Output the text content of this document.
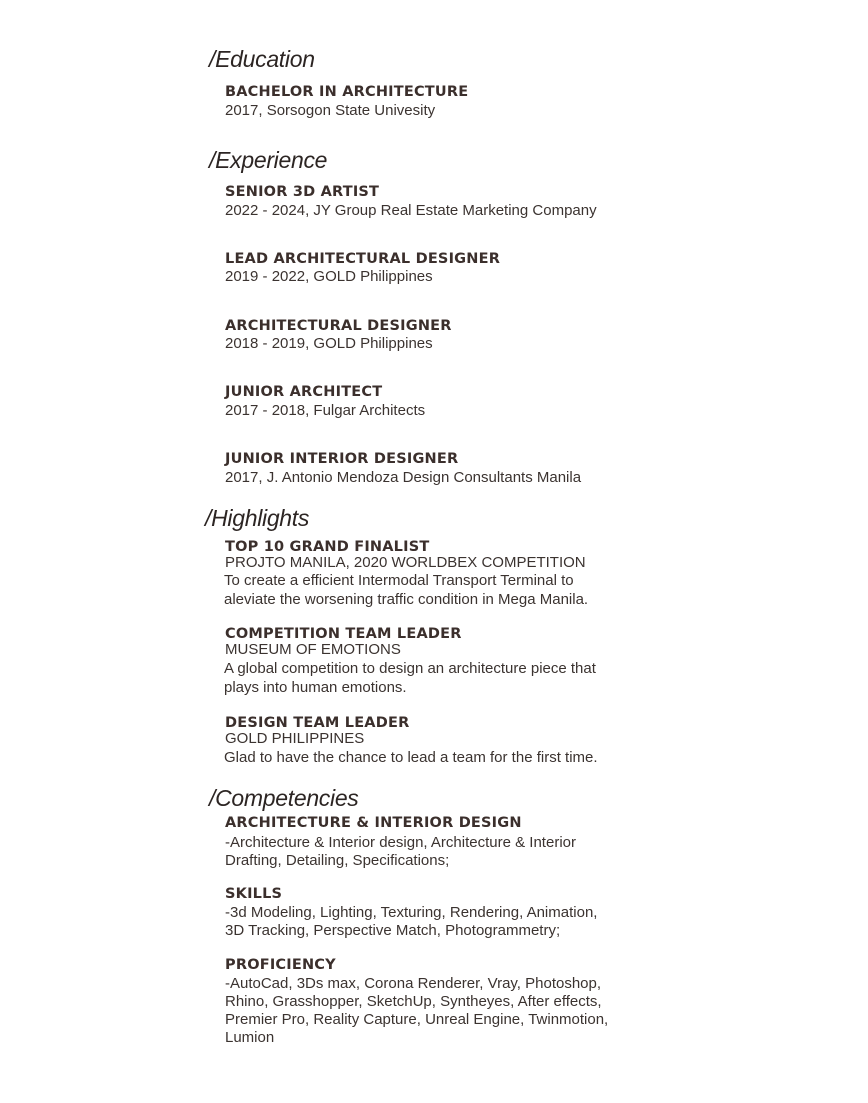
/Education
BACHELOR IN ARCHITECTURE
2017, Sorsogon State Univesity
/Experience
SENIOR 3D ARTIST
2022 - 2024, JY Group Real Estate Marketing Company
LEAD ARCHITECTURAL DESIGNER
2019 - 2022, GOLD Philippines
ARCHITECTURAL DESIGNER
2018 - 2019, GOLD Philippines
JUNIOR ARCHITECT
2017 - 2018, Fulgar Architects
JUNIOR INTERIOR DESIGNER
2017, J. Antonio Mendoza Design Consultants Manila
/Highlights
TOP 10 GRAND FINALIST
PROJTO MANILA, 2020 WORLDBEX COMPETITION
To create a efficient Intermodal Transport Terminal to
aleviate the worsening traffic condition in Mega Manila.
COMPETITION TEAM LEADER
MUSEUM OF EMOTIONS
A global competition to design an architecture piece that
plays into human emotions.
DESIGN TEAM LEADER
GOLD PHILIPPINES
Glad to have the chance to lead a team for the first time.
/Competencies
ARCHITECTURE & INTERIOR DESIGN
-Architecture & Interior design, Architecture & Interior
Drafting, Detailing, Specifications;
SKILLS
-3d Modeling, Lighting, Texturing, Rendering, Animation,
3D Tracking, Perspective Match, Photogrammetry;
PROFICIENCY
-AutoCad, 3Ds max, Corona Renderer, Vray, Photoshop,
Rhino, Grasshopper, SketchUp, Syntheyes, After effects,
Premier Pro, Reality Capture, Unreal Engine, Twinmotion,
Lumion
